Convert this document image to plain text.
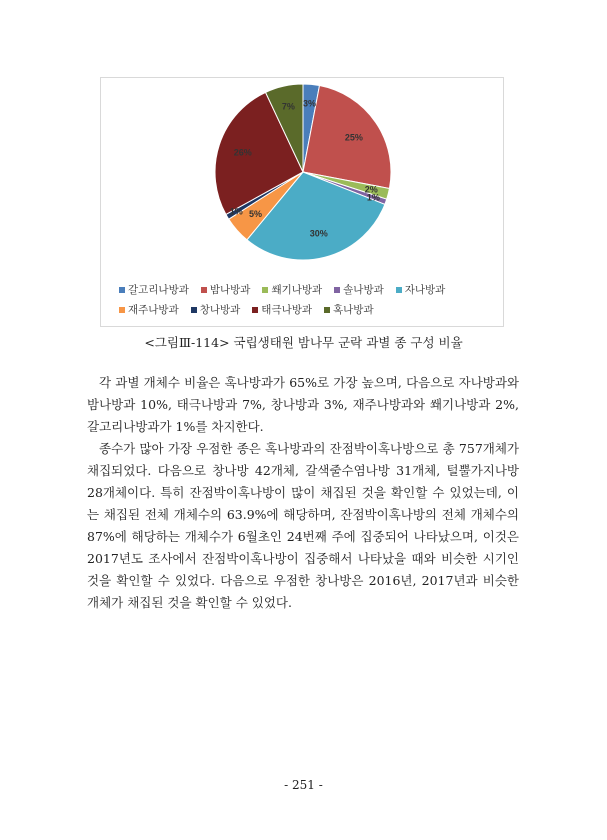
3%
25%
2%
1%
30%
5%
1%
26%
7%
갈고리나방과 밤나방과 쐐기나방과 솔나방과 자나방과
재주나방과 창나방과 태극나방과 혹나방과
<그림Ⅲ-114> 국립생태원 밤나무 군락 과별 종 구성 비율

각 과별 개체수 비율은 혹나방과가 65%로 가장 높으며, 다음으로 자나방과와 밤나방과 10%, 태극나방과 7%, 창나방과 3%, 재주나방과와 쐐기나방과 2%, 갈고리나방과가 1%를 차지한다.

종수가 많아 가장 우점한 종은 혹나방과의 잔점박이혹나방으로 총 757개체가 채집되었다. 다음으로 창나방 42개체, 갈색줄수염나방 31개체, 털뿔가지나방 28개체이다. 특히 잔점박이혹나방이 많이 채집된 것을 확인할 수 있었는데, 이는 채집된 전체 개체수의 63.9%에 해당하며, 잔점박이혹나방의 전체 개체수의 87%에 해당하는 개체수가 6월초인 24번째 주에 집중되어 나타났으며, 이것은 2017년도 조사에서 잔점박이혹나방이 집중해서 나타났을 때와 비슷한 시기인 것을 확인할 수 있었다. 다음으로 우점한 창나방은 2016년, 2017년과 비슷한 개체가 채집된 것을 확인할 수 있었다.

- 251 -
